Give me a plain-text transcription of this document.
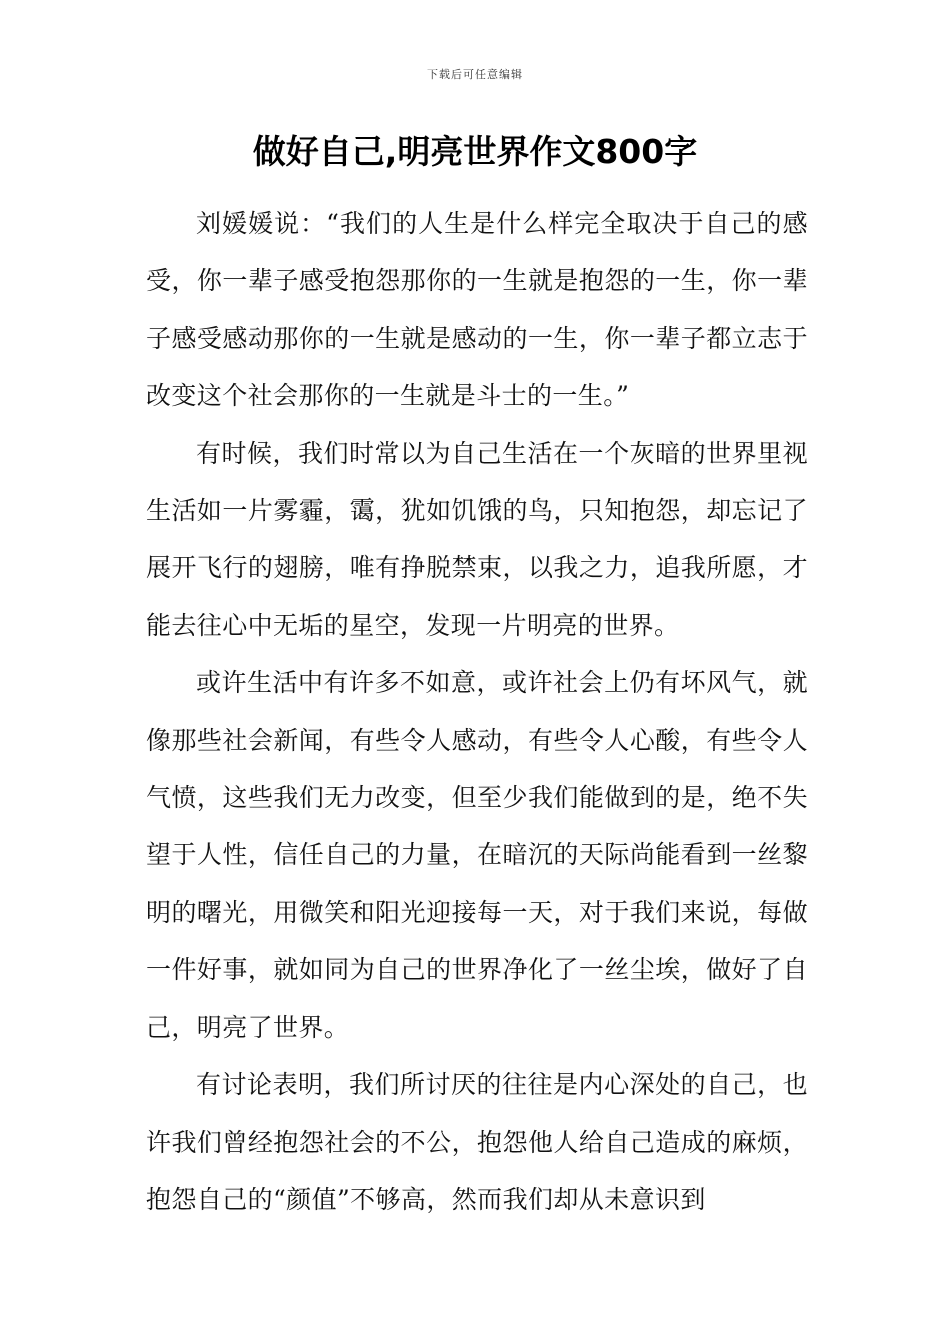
下载后可任意编辑
做好自己,明亮世界作文800字

刘媛媛说：“我们的人生是什么样完全取决于自己的感受，你一辈子感受抱怨那你的一生就是抱怨的一生，你一辈子感受感动那你的一生就是感动的一生，你一辈子都立志于改变这个社会那你的一生就是斗士的一生。”

有时候，我们时常以为自己生活在一个灰暗的世界里视生活如一片雾霾，霭，犹如饥饿的鸟，只知抱怨，却忘记了展开飞行的翅膀，唯有挣脱禁束，以我之力，追我所愿，才能去往心中无垢的星空，发现一片明亮的世界。

或许生活中有许多不如意，或许社会上仍有坏风气，就像那些社会新闻，有些令人感动，有些令人心酸，有些令人气愤，这些我们无力改变，但至少我们能做到的是，绝不失望于人性，信任自己的力量，在暗沉的天际尚能看到一丝黎明的曙光，用微笑和阳光迎接每一天，对于我们来说，每做一件好事，就如同为自己的世界净化了一丝尘埃，做好了自己，明亮了世界。

有讨论表明，我们所讨厌的往往是内心深处的自己，也许我们曾经抱怨社会的不公，抱怨他人给自己造成的麻烦，抱怨自己的“颜值”不够高，然而我们却从未意识到
